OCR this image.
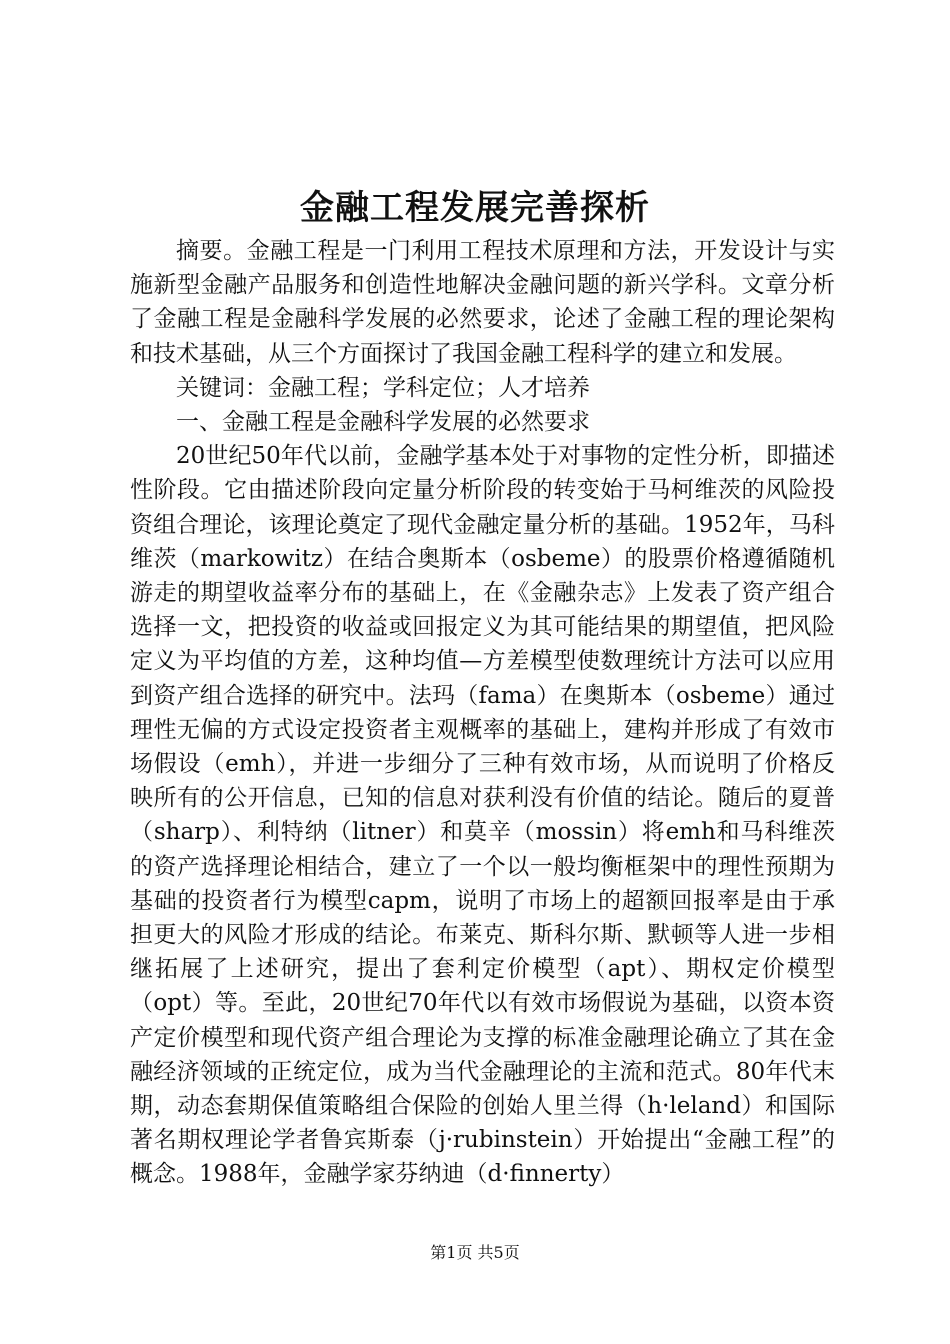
金融工程发展完善探析

摘要。金融工程是一门利用工程技术原理和方法，开发设计与实施新型金融产品服务和创造性地解决金融问题的新兴学科。文章分析了金融工程是金融科学发展的必然要求，论述了金融工程的理论架构和技术基础，从三个方面探讨了我国金融工程科学的建立和发展。

关键词：金融工程；学科定位；人才培养

一、金融工程是金融科学发展的必然要求

20世纪50年代以前，金融学基本处于对事物的定性分析，即描述性阶段。它由描述阶段向定量分析阶段的转变始于马柯维茨的风险投资组合理论，该理论奠定了现代金融定量分析的基础。1952年，马科维茨（markowitz）在结合奥斯本（osbeme）的股票价格遵循随机游走的期望收益率分布的基础上，在《金融杂志》上发表了资产组合选择一文，把投资的收益或回报定义为其可能结果的期望值，把风险定义为平均值的方差，这种均值—方差模型使数理统计方法可以应用到资产组合选择的研究中。法玛（fama）在奥斯本（osbeme）通过理性无偏的方式设定投资者主观概率的基础上，建构并形成了有效市场假设（emh），并进一步细分了三种有效市场，从而说明了价格反映所有的公开信息，已知的信息对获利没有价值的结论。随后的夏普（sharp）、利特纳（litner）和莫辛（mossin）将emh和马科维茨的资产选择理论相结合，建立了一个以一般均衡框架中的理性预期为基础的投资者行为模型capm，说明了市场上的超额回报率是由于承担更大的风险才形成的结论。布莱克、斯科尔斯、默顿等人进一步相继拓展了上述研究，提出了套利定价模型（apt）、期权定价模型（opt）等。至此，20世纪70年代以有效市场假说为基础，以资本资产定价模型和现代资产组合理论为支撑的标准金融理论确立了其在金融经济领域的正统定位，成为当代金融理论的主流和范式。80年代末期，动态套期保值策略组合保险的创始人里兰得（h·leland）和国际著名期权理论学者鲁宾斯泰（j·rubinstein）开始提出“金融工程”的概念。1988年，金融学家芬纳迪（d·finnerty）

第1页 共5页
